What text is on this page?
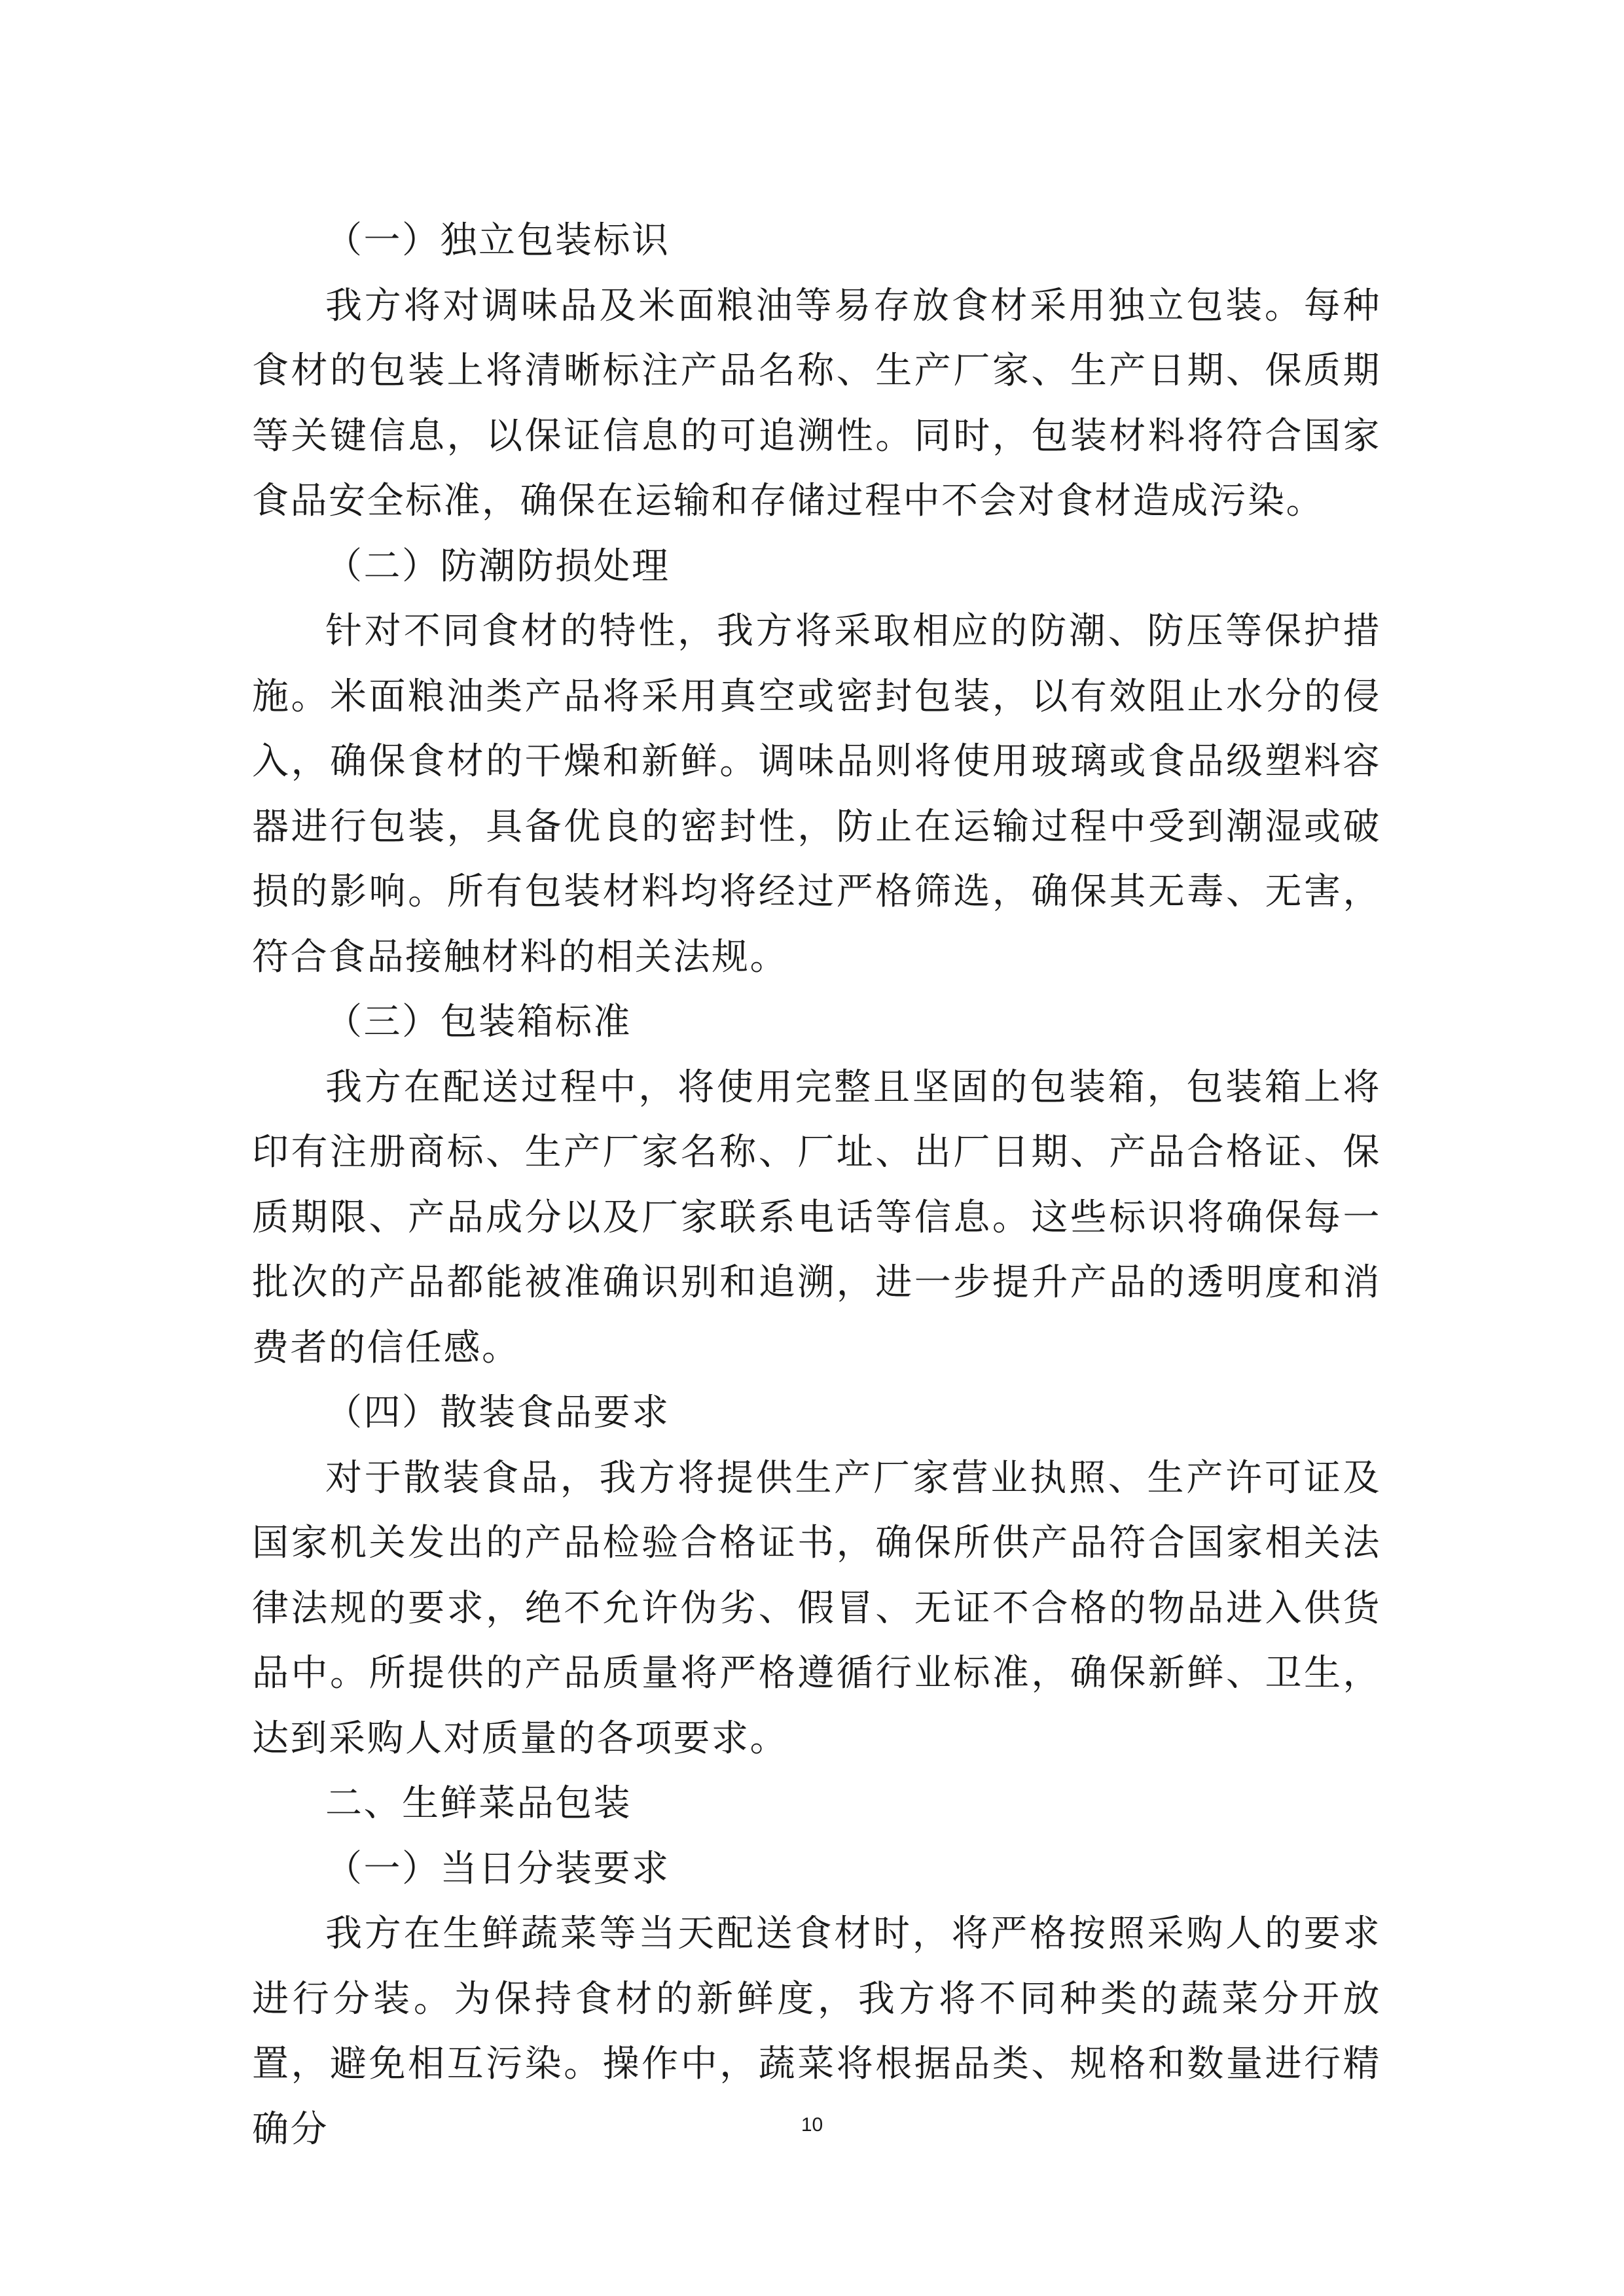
（一）独立包装标识

我方将对调味品及米面粮油等易存放食材采用独立包装。每种食材的包装上将清晰标注产品名称、生产厂家、生产日期、保质期等关键信息，以保证信息的可追溯性。同时，包装材料将符合国家食品安全标准，确保在运输和存储过程中不会对食材造成污染。

（二）防潮防损处理

针对不同食材的特性，我方将采取相应的防潮、防压等保护措施。米面粮油类产品将采用真空或密封包装，以有效阻止水分的侵入，确保食材的干燥和新鲜。调味品则将使用玻璃或食品级塑料容器进行包装，具备优良的密封性，防止在运输过程中受到潮湿或破损的影响。所有包装材料均将经过严格筛选，确保其无毒、无害，符合食品接触材料的相关法规。

（三）包装箱标准

我方在配送过程中，将使用完整且坚固的包装箱，包装箱上将印有注册商标、生产厂家名称、厂址、出厂日期、产品合格证、保质期限、产品成分以及厂家联系电话等信息。这些标识将确保每一批次的产品都能被准确识别和追溯，进一步提升产品的透明度和消费者的信任感。

（四）散装食品要求

对于散装食品，我方将提供生产厂家营业执照、生产许可证及国家机关发出的产品检验合格证书，确保所供产品符合国家相关法律法规的要求，绝不允许伪劣、假冒、无证不合格的物品进入供货品中。所提供的产品质量将严格遵循行业标准，确保新鲜、卫生，达到采购人对质量的各项要求。

二、生鲜菜品包装

（一）当日分装要求

我方在生鲜蔬菜等当天配送食材时，将严格按照采购人的要求进行分装。为保持食材的新鲜度，我方将不同种类的蔬菜分开放置，避免相互污染。操作中，蔬菜将根据品类、规格和数量进行精确分	10
